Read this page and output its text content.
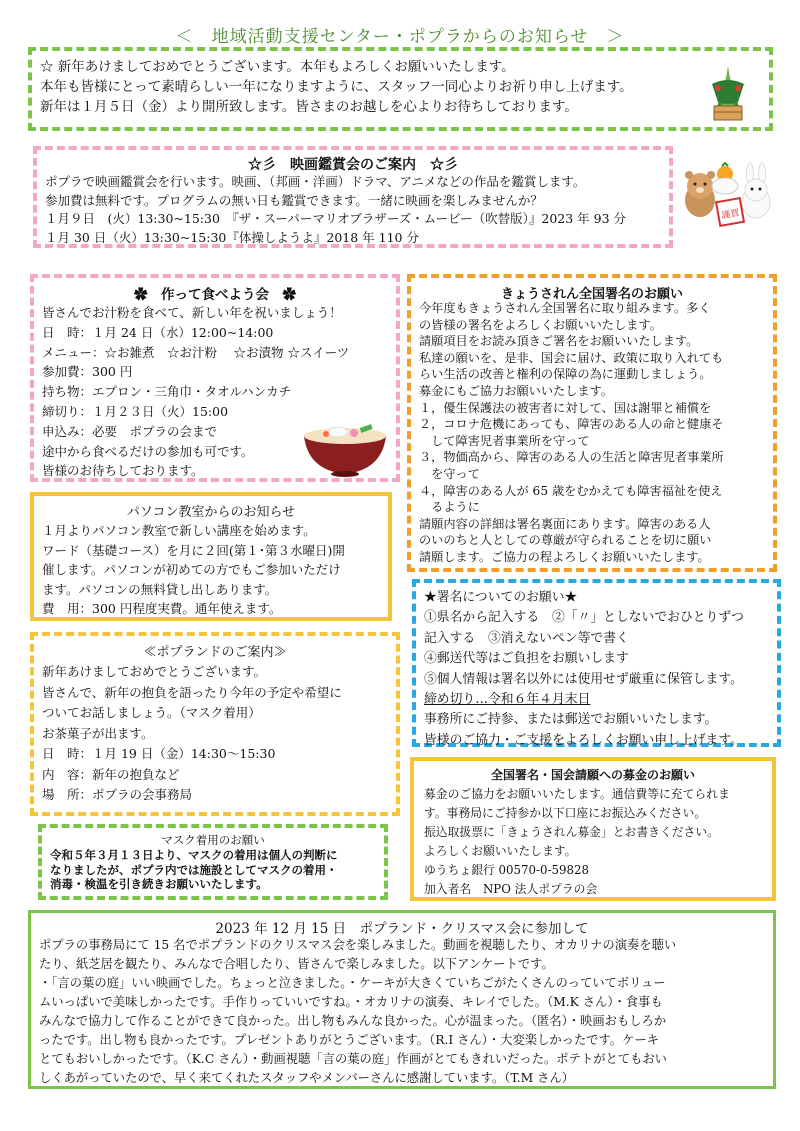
＜　地域活動支援センター・ポプラからのお知らせ　＞
☆ 新年あけましておめでとうございます。本年もよろしくお願いいたします。
本年も皆様にとって素晴らしい一年になりますように、スタッフ一同心よりお祈り申し上げます。
新年は１月５日（金）より開所致します。皆さまのお越しを心よりお待ちしております。
☆彡　映画鑑賞会のご案内　☆彡
ポプラで映画鑑賞会を行います。映画、（邦画・洋画）ドラマ、アニメなどの作品を鑑賞します。
参加費は無料です。プログラムの無い日も鑑賞できます。一緒に映画を楽しみませんか？
１月９日　(火）13:30~15:30　『ザ・スーパーマリオブラザーズ・ムービー（吹替版）』2023 年 93 分
１月 30 日（火）13:30~15:30『体操しようよ』2018 年 110 分
謹賀
✿　作って食べよう会　✿
皆さんでお汁粉を食べて、新しい年を祝いましょう！
日　時：１月 24 日（水）12:00~14:00
メニュー：☆お雑煮　☆お汁粉　 ☆お漬物 ☆スイーツ
参加費：300 円
持ち物：エプロン・三角巾・タオルハンカチ
締切り：１月２３日（火）15:00
申込み：必要　ポプラの会まで
途中から食べるだけの参加も可です。
皆様のお待ちしております。
きょうされん全国署名のお願い
今年度もきょうされん全国署名に取り組みます。多く
の皆様の署名をよろしくお願いいたします。
請願項目をお読み頂きご署名をお願いいたします。
私達の願いを、是非、国会に届け、政策に取り入れても
らい生活の改善と権利の保障の為に運動しましょう。
募金にもご協力お願いいたします。
１，優生保護法の被害者に対して、国は謝罪と補償を
２，コロナ危機にあっても、障害のある人の命と健康そ
　して障害児者事業所を守って
３，物価高から、障害のある人の生活と障害児者事業所
　を守って
４，障害のある人が 65 歳をむかえても障害福祉を使え
　るように
請願内容の詳細は署名裏面にあります。障害のある人
のいのちと人としての尊厳が守られることを切に願い
請願します。ご協力の程よろしくお願いいたします。
パソコン教室からのお知らせ
１月よりパソコン教室で新しい講座を始めます。
ワード（基礎コース）を月に２回(第１･第３水曜日)開
催します。パソコンが初めての方でもご参加いただけ
ます。パソコンの無料貸し出しあります。
費　用：300 円程度実費。通年使えます。
★署名についてのお願い★
①県名から記入する　②「〃」としないでおひとりずつ
記入する　③消えないペン等で書く
④郵送代等はご負担をお願いします
⑤個人情報は署名以外には使用せず厳重に保管します。
締め切り…令和６年４月末日
事務所にご持参、または郵送でお願いいたします。
皆様のご協力・ご支援をよろしくお願い申し上げます。
≪ポプランドのご案内≫
新年あけましておめでとうございます。
皆さんで、新年の抱負を語ったり今年の予定や希望に
ついてお話しましょう。（マスク着用）
お茶菓子が出ます。
日　時：１月 19 日（金）14:30～15:30
内　容：新年の抱負など
場　所：ポプラの会事務局
全国署名・国会請願への募金のお願い
募金のご協力をお願いいたします。通信費等に充てられま
す。事務局にご持参か以下口座にお振込みください。
振込取扱票に「きょうされん募金」とお書きください。
よろしくお願いいたします。
ゆうちょ銀行 00570-0-59828
加入者名　NPO 法人ポプラの会
マスク着用のお願い
令和５年３月１３日より、マスクの着用は個人の判断に
なりましたが、ポプラ内では施設としてマスクの着用・
消毒・検温を引き続きお願いいたします。
2023 年 12 月 15 日　ポプランド・クリスマス会に参加して
ポプラの事務局にて 15 名でポプランドのクリスマス会を楽しみました。動画を視聴したり、オカリナの演奏を聴い
たり、紙芝居を観たり、みんなで合唱したり、皆さんで楽しみました。以下アンケートです。
・「言の葉の庭」いい映画でした。ちょっと泣きました。・ケーキが大きくていちごがたくさんのっていてボリュー
ムいっぱいで美味しかったです。手作りっていいですね。・オカリナの演奏、キレイでした。（M.K さん）・食事も
みんなで協力して作ることができて良かった。出し物もみんな良かった。心が温まった。（匿名）・映画おもしろか
ったです。出し物も良かったです。プレゼントありがとうございます。（R.I さん）・大変楽しかったです。ケーキ
とてもおいしかったです。（K.C さん）・動画視聴「言の葉の庭」作画がとてもきれいだった。ポテトがとてもおい
しくあがっていたので、早く来てくれたスタッフやメンバーさんに感謝しています。（T.M さん）
